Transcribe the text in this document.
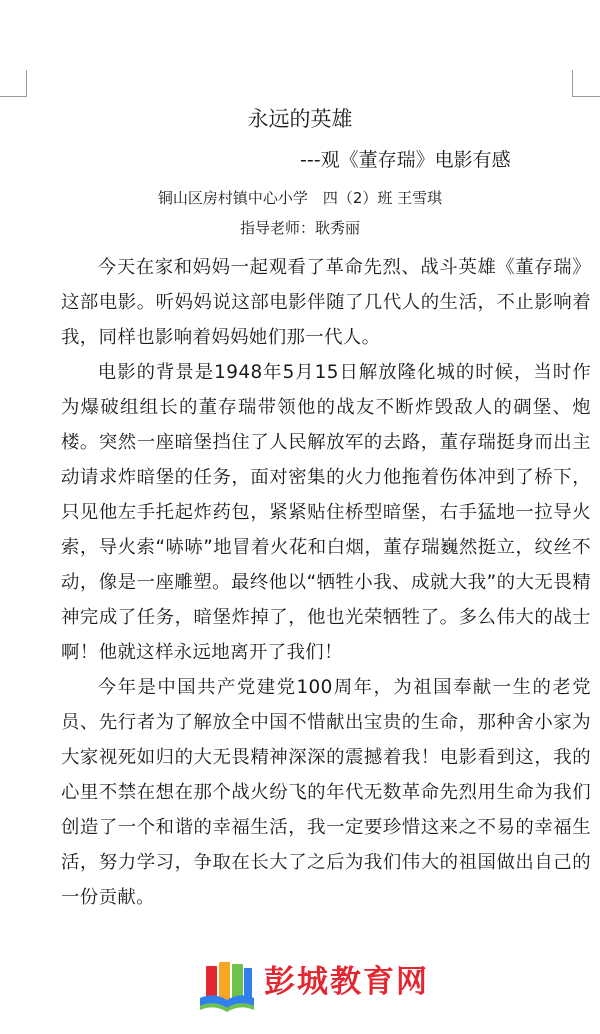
永远的英雄
---观《董存瑞》电影有感
铜山区房村镇中心小学　四（2）班 王雪琪
指导老师：耿秀丽

今天在家和妈妈一起观看了革命先烈、战斗英雄《董存瑞》这部电影。听妈妈说这部电影伴随了几代人的生活，不止影响着我，同样也影响着妈妈她们那一代人。

电影的背景是1948年5月15日解放隆化城的时候，当时作为爆破组组长的董存瑞带领他的战友不断炸毁敌人的碉堡、炮楼。突然一座暗堡挡住了人民解放军的去路，董存瑞挺身而出主动请求炸暗堡的任务，面对密集的火力他拖着伤体冲到了桥下，只见他左手托起炸药包，紧紧贴住桥型暗堡，右手猛地一拉导火索，导火索“哧哧”地冒着火花和白烟，董存瑞巍然挺立，纹丝不动，像是一座雕塑。最终他以“牺牲小我、成就大我”的大无畏精神完成了任务，暗堡炸掉了，他也光荣牺牲了。多么伟大的战士啊！他就这样永远地离开了我们！

今年是中国共产党建党100周年，为祖国奉献一生的老党员、先行者为了解放全中国不惜献出宝贵的生命，那种舍小家为大家视死如归的大无畏精神深深的震撼着我！电影看到这，我的心里不禁在想在那个战火纷飞的年代无数革命先烈用生命为我们创造了一个和谐的幸福生活，我一定要珍惜这来之不易的幸福生活，努力学习，争取在长大了之后为我们伟大的祖国做出自己的一份贡献。

彭城教育网
